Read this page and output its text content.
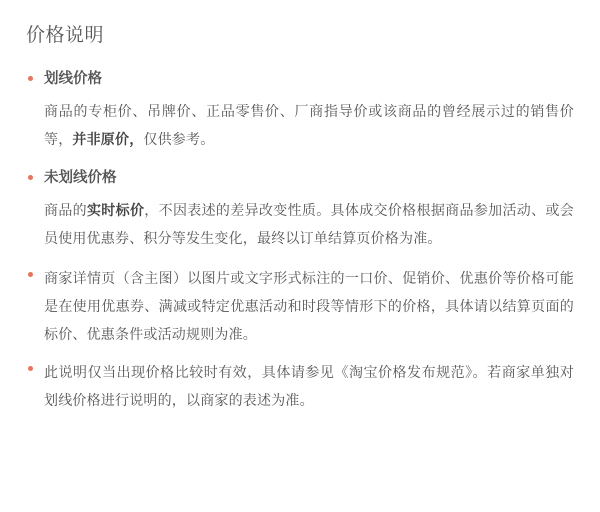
价格说明
划线价格

商品的专柜价、吊牌价、正品零售价、厂商指导价或该商品的曾经展示过的销售价等，并非原价，仅供参考。

未划线价格

商品的实时标价，不因表述的差异改变性质。具体成交价格根据商品参加活动、或会员使用优惠券、积分等发生变化，最终以订单结算页价格为准。

商家详情页（含主图）以图片或文字形式标注的一口价、促销价、优惠价等价格可能是在使用优惠券、满减或特定优惠活动和时段等情形下的价格，具体请以结算页面的标价、优惠条件或活动规则为准。

此说明仅当出现价格比较时有效，具体请参见《淘宝价格发布规范》。若商家单独对划线价格进行说明的，以商家的表述为准。
